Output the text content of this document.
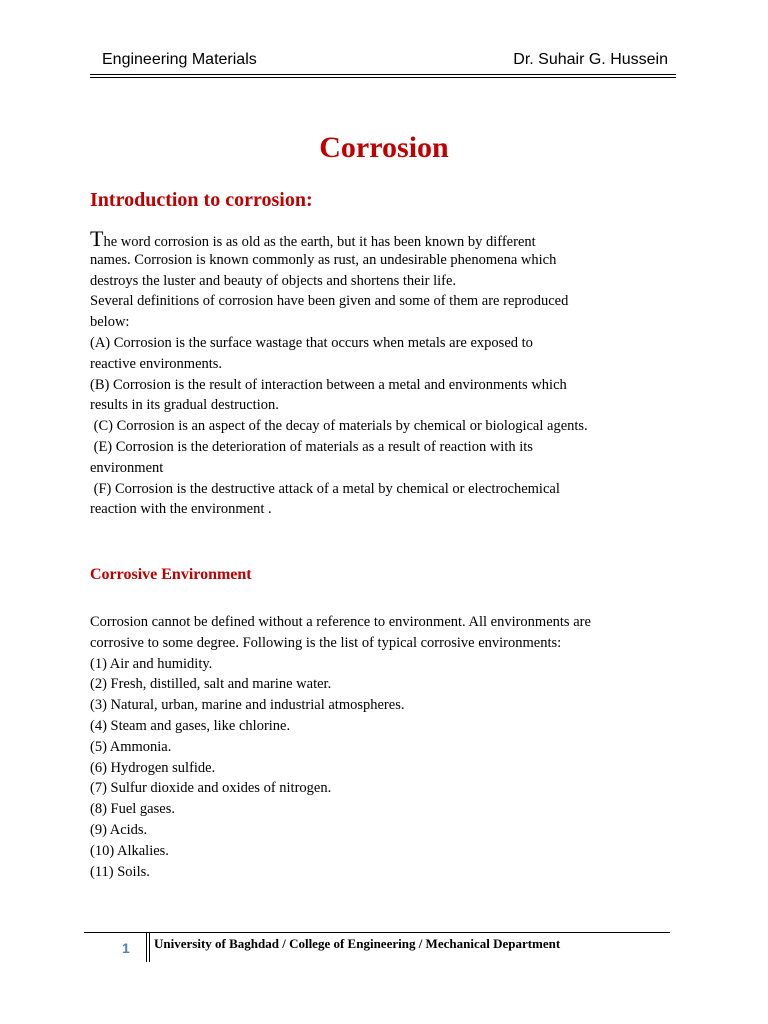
Engineering Materials	Dr. Suhair G. Hussein
Corrosion
Introduction to corrosion:
The word corrosion is as old as the earth, but it has been known by different
names. Corrosion is known commonly as rust, an undesirable phenomena which
destroys the luster and beauty of objects and shortens their life.
Several definitions of corrosion have been given and some of them are reproduced
below:
(A) Corrosion is the surface wastage that occurs when metals are exposed to
reactive environments.
(B) Corrosion is the result of interaction between a metal and environments which
results in its gradual destruction.
(C) Corrosion is an aspect of the decay of materials by chemical or biological agents.
(E) Corrosion is the deterioration of materials as a result of reaction with its
environment
(F) Corrosion is the destructive attack of a metal by chemical or electrochemical
reaction with the environment .
Corrosive Environment
Corrosion cannot be defined without a reference to environment. All environments are
corrosive to some degree. Following is the list of typical corrosive environments:
(1) Air and humidity.
(2) Fresh, distilled, salt and marine water.
(3) Natural, urban, marine and industrial atmospheres.
(4) Steam and gases, like chlorine.
(5) Ammonia.
(6) Hydrogen sulfide.
(7) Sulfur dioxide and oxides of nitrogen.
(8) Fuel gases.
(9) Acids.
(10) Alkalies.
(11) Soils.
1 University of Baghdad / College of Engineering / Mechanical Department
